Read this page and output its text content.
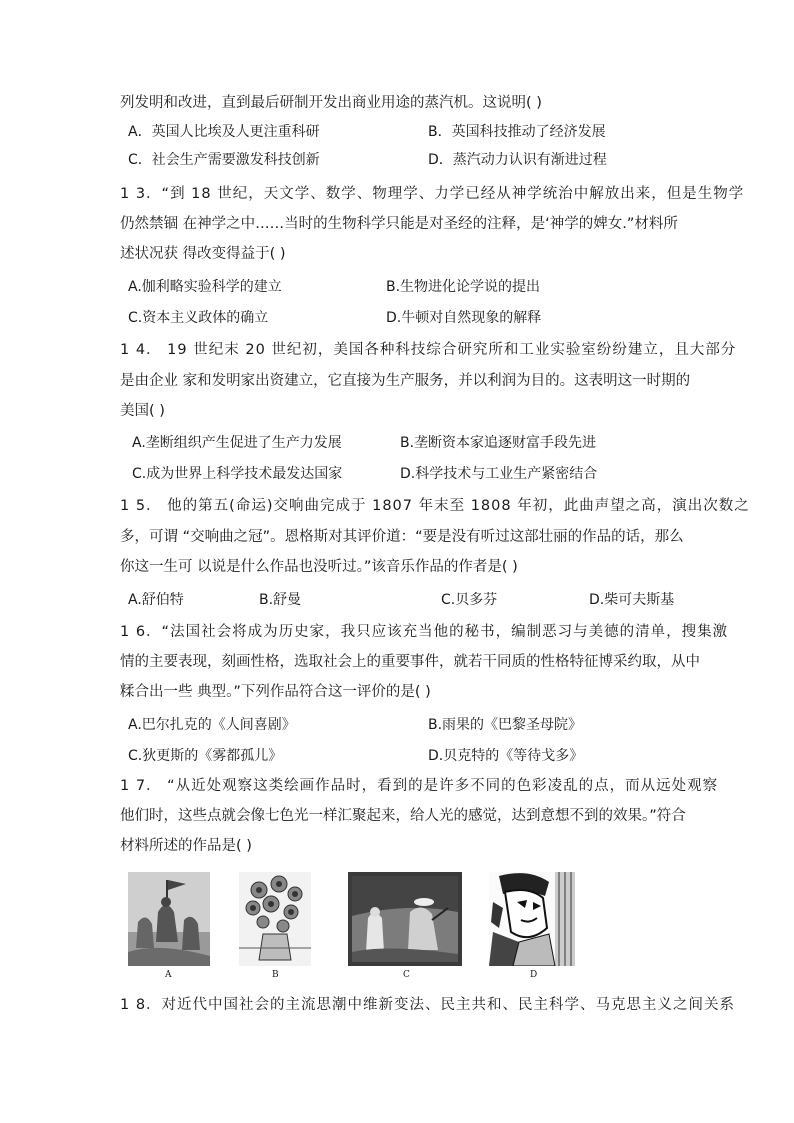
列发明和改进，直到最后研制开发出商业用途的蒸汽机。这说明( )
A．英国人比埃及人更注重科研	B．英国科技推动了经济发展
C．社会生产需要激发科技创新	D．蒸汽动力认识有渐进过程
1 3．“到 18 世纪，天文学、数学、物理学、力学已经从神学统治中解放出来，但是生物学
仍然禁锢 在神学之中……当时的生物科学只能是对圣经的注释，是‘神学的婢女.”材料所
述状况获 得改变得益于( )
A.伽利略实验科学的建立	B.生物进化论学说的提出
C.资本主义政体的确立	D.牛顿对自然现象的解释
1 4． 19 世纪末 20 世纪初，美国各种科技综合研究所和工业实验室纷纷建立，且大部分
是由企业 家和发明家出资建立，它直接为生产服务，并以利润为目的。这表明这一时期的
美国( )
A.垄断组织产生促进了生产力发展	B.垄断资本家追逐财富手段先进
C.成为世界上科学技术最发达国家	D.科学技术与工业生产紧密结合
1 5． 他的第五(命运)交响曲完成于 1807 年末至 1808 年初，此曲声望之高，演出次数之
多，可谓 “交响曲之冠”。恩格斯对其评价道：“要是没有听过这部壮丽的作品的话，那么
你这一生可 以说是什么作品也没听过。”该音乐作品的作者是( )
A.舒伯特	B.舒曼	C.贝多芬	D.柴可夫斯基
1 6．“法国社会将成为历史家，我只应该充当他的秘书，编制恶习与美德的清单，搜集激
情的主要表现，刻画性格，选取社会上的重要事件，就若干同质的性格特征博采约取，从中
糅合出一些 典型。”下列作品符合这一评价的是( )
A.巴尔扎克的《人间喜剧》	B.雨果的《巴黎圣母院》
C.狄更斯的《雾都孤儿》	D.贝克特的《等待戈多》
1 7． “从近处观察这类绘画作品时，看到的是许多不同的色彩凌乱的点，而从远处观察
他们时，这些点就会像七色光一样汇聚起来，给人光的感觉，达到意想不到的效果。”符合
材料所述的作品是( )
A	B	C	D
1 8．对近代中国社会的主流思潮中维新变法、民主共和、民主科学、马克思主义之间关系
